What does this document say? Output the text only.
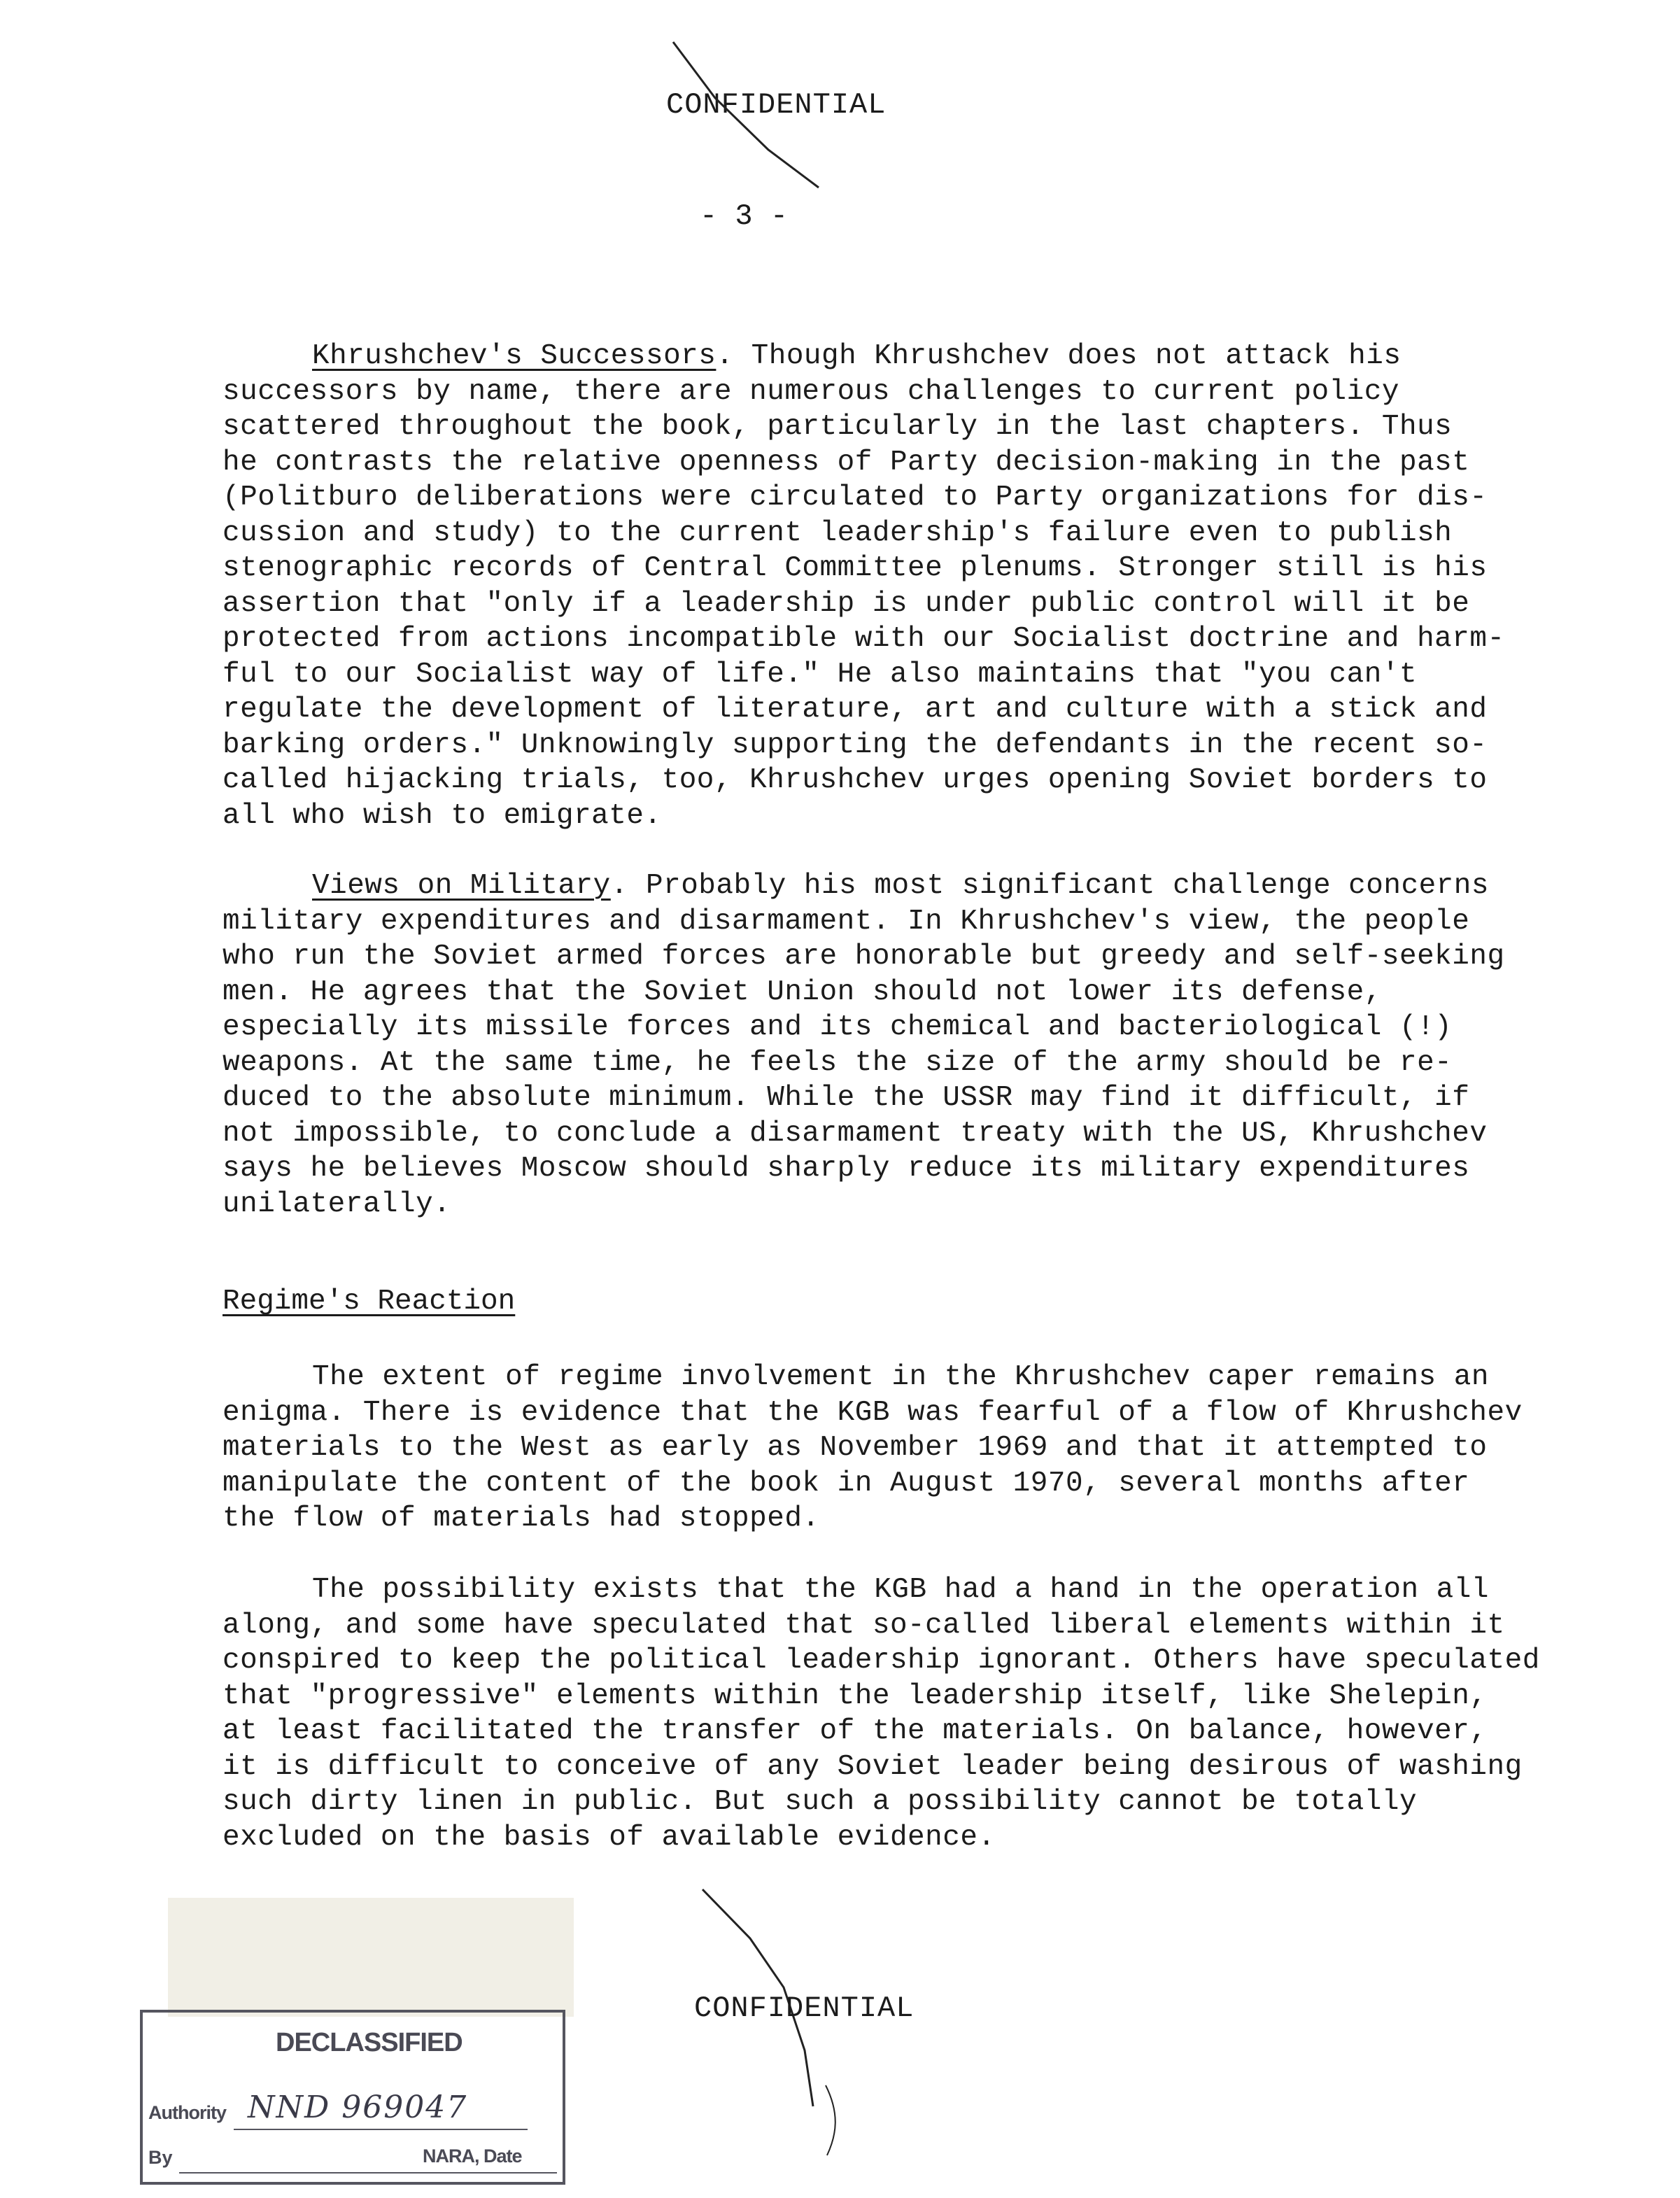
CONFIDENTIAL
- 3 -

Khrushchev's Successors. Though Khrushchev does not attack his

successors by name, there are numerous challenges to current policy

scattered throughout the book, particularly in the last chapters. Thus

he contrasts the relative openness of Party decision-making in the past

(Politburo deliberations were circulated to Party organizations for dis-

cussion and study) to the current leadership's failure even to publish

stenographic records of Central Committee plenums. Stronger still is his

assertion that "only if a leadership is under public control will it be

protected from actions incompatible with our Socialist doctrine and harm-

ful to our Socialist way of life." He also maintains that "you can't

regulate the development of literature, art and culture with a stick and

barking orders." Unknowingly supporting the defendants in the recent so-

called hijacking trials, too, Khrushchev urges opening Soviet borders to

all who wish to emigrate.

Views on Military. Probably his most significant challenge concerns

military expenditures and disarmament. In Khrushchev's view, the people

who run the Soviet armed forces are honorable but greedy and self-seeking

men. He agrees that the Soviet Union should not lower its defense,

especially its missile forces and its chemical and bacteriological (!)

weapons. At the same time, he feels the size of the army should be re-

duced to the absolute minimum. While the USSR may find it difficult, if

not impossible, to conclude a disarmament treaty with the US, Khrushchev

says he believes Moscow should sharply reduce its military expenditures

unilaterally.

Regime's Reaction

The extent of regime involvement in the Khrushchev caper remains an

enigma. There is evidence that the KGB was fearful of a flow of Khrushchev

materials to the West as early as November 1969 and that it attempted to

manipulate the content of the book in August 1970, several months after

the flow of materials had stopped.

The possibility exists that the KGB had a hand in the operation all

along, and some have speculated that so-called liberal elements within it

conspired to keep the political leadership ignorant. Others have speculated

that "progressive" elements within the leadership itself, like Shelepin,

at least facilitated the transfer of the materials. On balance, however,

it is difficult to conceive of any Soviet leader being desirous of washing

such dirty linen in public. But such a possibility cannot be totally

excluded on the basis of available evidence.

CONFIDENTIAL
DECLASSIFIED
Authority NND 969047
By	NARA, Date
